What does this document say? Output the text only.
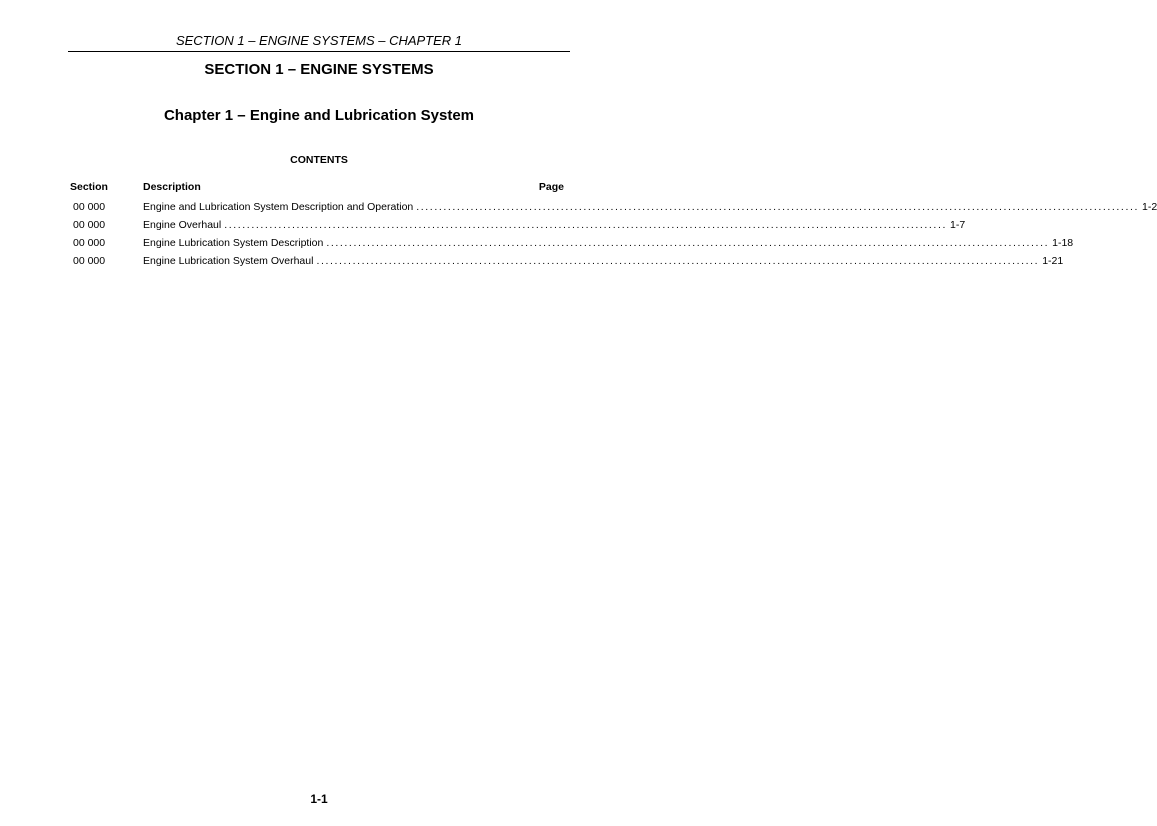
SECTION 1 – ENGINE SYSTEMS – CHAPTER 1
SECTION 1 – ENGINE SYSTEMS
Chapter 1 – Engine and Lubrication System
CONTENTS
Section	Description	Page
00 000	Engine and Lubrication System Description and Operation ................................................................................................................................................................ 1-2
00 000	Engine Overhaul ................................................................................................................................................................ 1-7
00 000	Engine Lubrication System Description ................................................................................................................................................................ 1-18
00 000	Engine Lubrication System Overhaul ................................................................................................................................................................ 1-21
1-1
